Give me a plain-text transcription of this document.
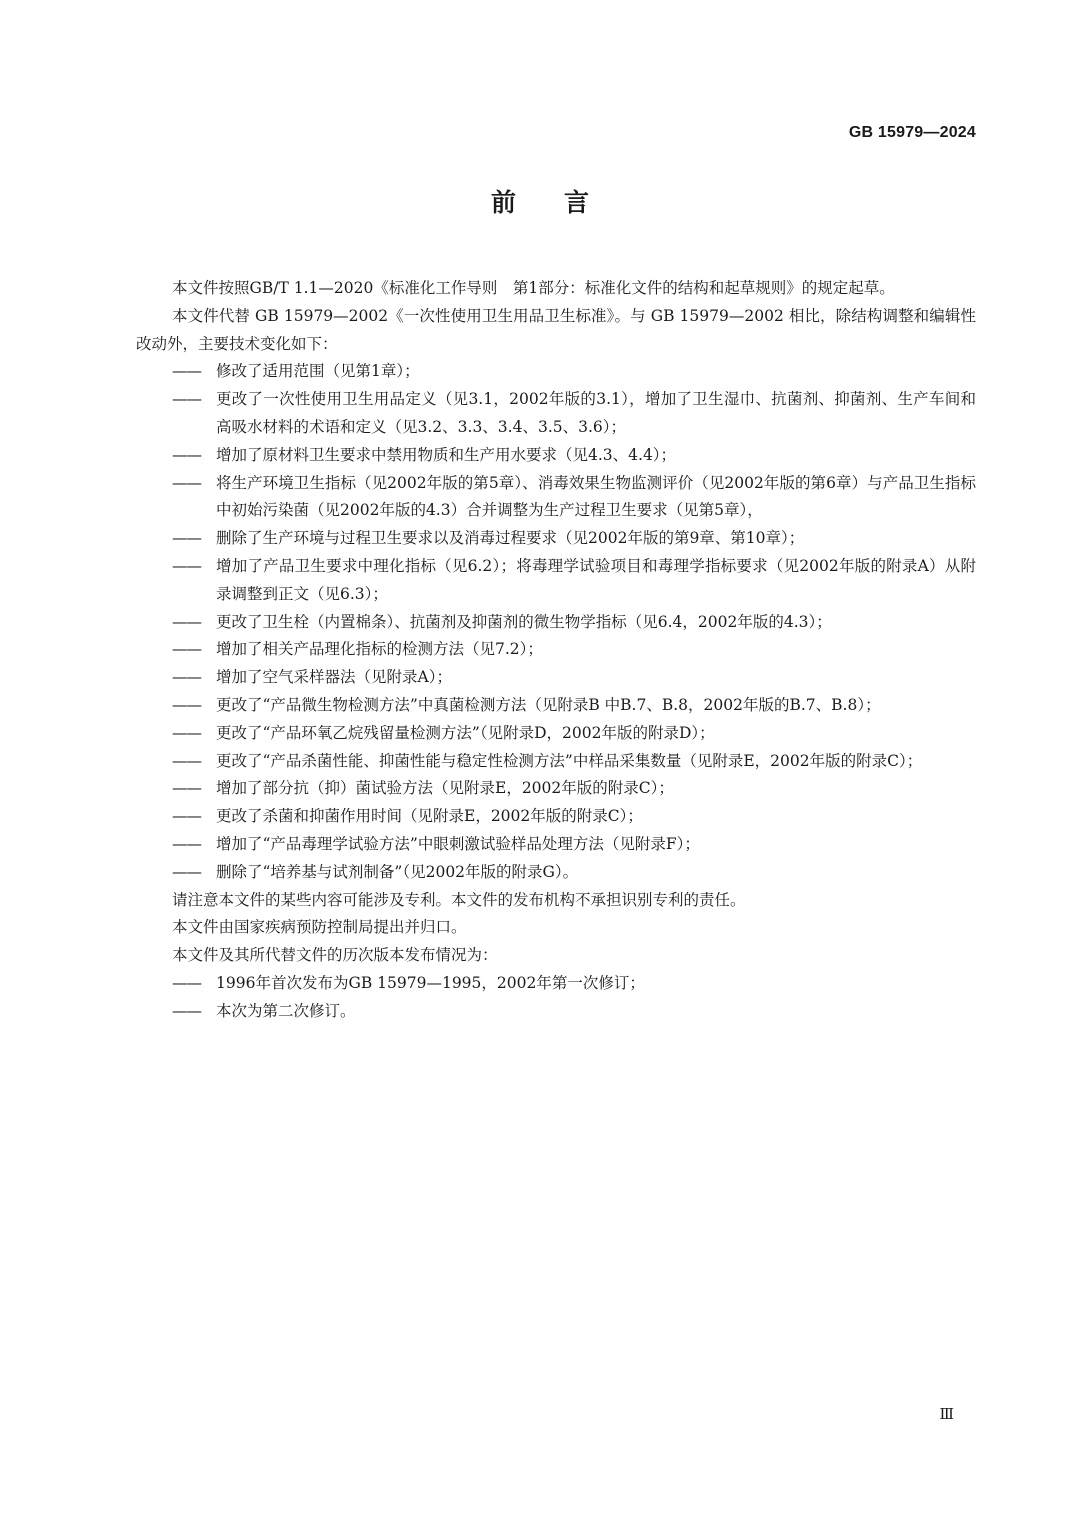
GB 15979—2024
前言

本文件按照GB/T 1.1—2020《标准化工作导则　第1部分：标准化文件的结构和起草规则》的规定起草。

本文件代替 GB 15979—2002《一次性使用卫生用品卫生标准》。与 GB 15979—2002 相比，除结构调整和编辑性改动外，主要技术变化如下：

—— 修改了适用范围（见第1章）；
—— 更改了一次性使用卫生用品定义（见3.1，2002年版的3.1），增加了卫生湿巾、抗菌剂、抑菌剂、生产车间和高吸水材料的术语和定义（见3.2、3.3、3.4、3.5、3.6）；
—— 增加了原材料卫生要求中禁用物质和生产用水要求（见4.3、4.4）；
—— 将生产环境卫生指标（见2002年版的第5章）、消毒效果生物监测评价（见2002年版的第6章）与产品卫生指标中初始污染菌（见2002年版的4.3）合并调整为生产过程卫生要求（见第5章），
—— 删除了生产环境与过程卫生要求以及消毒过程要求（见2002年版的第9章、第10章）；
—— 增加了产品卫生要求中理化指标（见6.2）；将毒理学试验项目和毒理学指标要求（见2002年版的附录A）从附录调整到正文（见6.3）；
—— 更改了卫生栓（内置棉条）、抗菌剂及抑菌剂的微生物学指标（见6.4，2002年版的4.3）；
—— 增加了相关产品理化指标的检测方法（见7.2）；
—— 增加了空气采样器法（见附录A）；
—— 更改了“产品微生物检测方法”中真菌检测方法（见附录B 中B.7、B.8，2002年版的B.7、B.8）；
—— 更改了“产品环氧乙烷残留量检测方法”（见附录D，2002年版的附录D）；
—— 更改了“产品杀菌性能、抑菌性能与稳定性检测方法”中样品采集数量（见附录E，2002年版的附录C）；
—— 增加了部分抗（抑）菌试验方法（见附录E，2002年版的附录C）；
—— 更改了杀菌和抑菌作用时间（见附录E，2002年版的附录C）；
—— 增加了“产品毒理学试验方法”中眼刺激试验样品处理方法（见附录F）；
—— 删除了“培养基与试剂制备”（见2002年版的附录G）。

请注意本文件的某些内容可能涉及专利。本文件的发布机构不承担识别专利的责任。

本文件由国家疾病预防控制局提出并归口。

本文件及其所代替文件的历次版本发布情况为：

—— 1996年首次发布为GB 15979—1995，2002年第一次修订；
—— 本次为第二次修订。
Ⅲ
